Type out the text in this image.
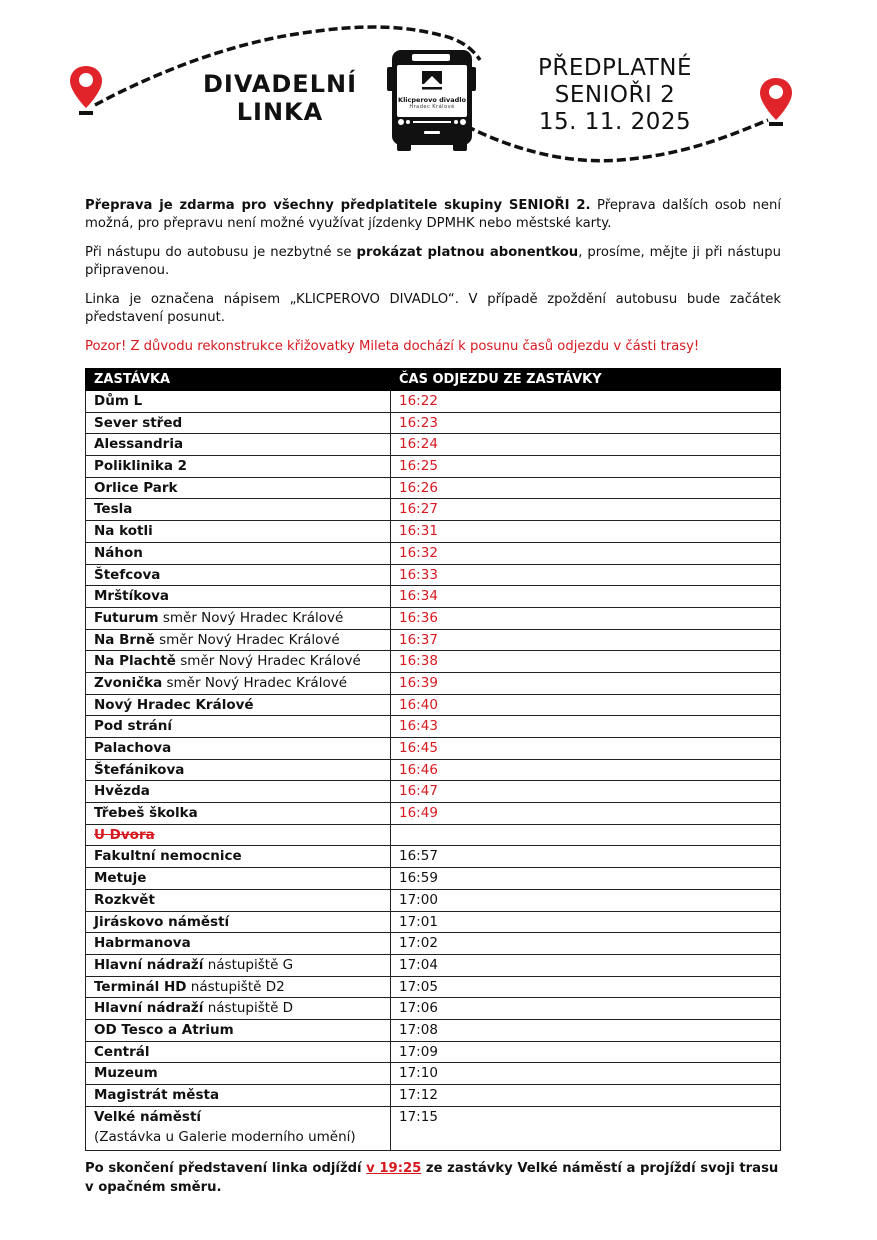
DIVADELNÍ
LINKA	Klicperovo divadlo
Hradec Králové
PŘEDPLATNÉ
SENIOŘI 2
15. 11. 2025

Přeprava je zdarma pro všechny předplatitele skupiny SENIOŘI 2. Přeprava dalších osob není možná, pro přepravu není možné využívat jízdenky DPMHK nebo městské karty.

Při nástupu do autobusu je nezbytné se prokázat platnou abonentkou, prosíme, mějte ji při nástupu připravenou.

Linka je označena nápisem „KLICPEROVO DIVADLO“. V případě zpoždění autobusu bude začátek představení posunut.

Pozor! Z důvodu rekonstrukce křižovatky Mileta dochází k posunu časů odjezdu v části trasy!

ZASTÁVKA	ČAS ODJEZDU ZE ZASTÁVKY
Dům L	16:22
Sever střed	16:23
Alessandria	16:24
Poliklinika 2	16:25
Orlice Park	16:26
Tesla	16:27
Na kotli	16:31
Náhon	16:32
Štefcova	16:33
Mrštíkova	16:34
Futurum směr Nový Hradec Králové	16:36
Na Brně směr Nový Hradec Králové	16:37
Na Plachtě směr Nový Hradec Králové	16:38
Zvonička směr Nový Hradec Králové	16:39
Nový Hradec Králové	16:40
Pod strání	16:43
Palachova	16:45
Štefánikova	16:46
Hvězda	16:47
Třebeš školka	16:49
U Dvora	
Fakultní nemocnice	16:57
Metuje	16:59
Rozkvět	17:00
Jiráskovo náměstí	17:01
Habrmanova	17:02
Hlavní nádraží nástupiště G	17:04
Terminál HD nástupiště D2	17:05
Hlavní nádraží nástupiště D	17:06
OD Tesco a Atrium	17:08
Centrál	17:09
Muzeum	17:10
Magistrát města	17:12
Velké náměstí
(Zastávka u Galerie moderního umění)	17:15

Po skončení představení linka odjíždí v 19:25 ze zastávky Velké náměstí a projíždí svoji trasu v opačném směru.
